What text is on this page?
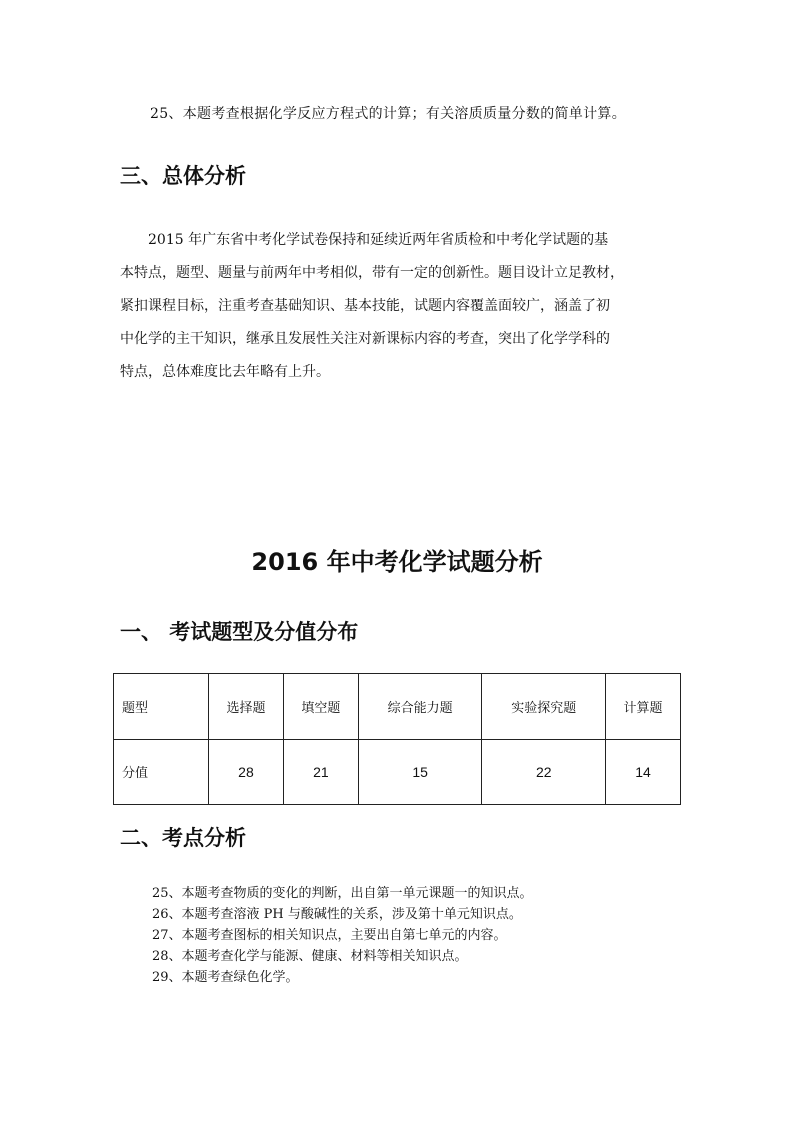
25、本题考查根据化学反应方程式的计算；有关溶质质量分数的简单计算。
三、总体分析
2015 年广东省中考化学试卷保持和延续近两年省质检和中考化学试题的基
本特点，题型、题量与前两年中考相似，带有一定的创新性。题目设计立足教材，
紧扣课程目标，注重考查基础知识、基本技能，试题内容覆盖面较广，涵盖了初
中化学的主干知识，继承且发展性关注对新课标内容的考查，突出了化学学科的
特点，总体难度比去年略有上升。
2016 年中考化学试题分析
一、 考试题型及分值分布
题型	选择题	填空题	综合能力题	实验探究题	计算题
分值	28	21	15	22	14
二、考点分析
25、本题考查物质的变化的判断，出自第一单元课题一的知识点。
26、本题考查溶液 PH 与酸碱性的关系，涉及第十单元知识点。
27、本题考查图标的相关知识点，主要出自第七单元的内容。
28、本题考查化学与能源、健康、材料等相关知识点。
29、本题考查绿色化学。
